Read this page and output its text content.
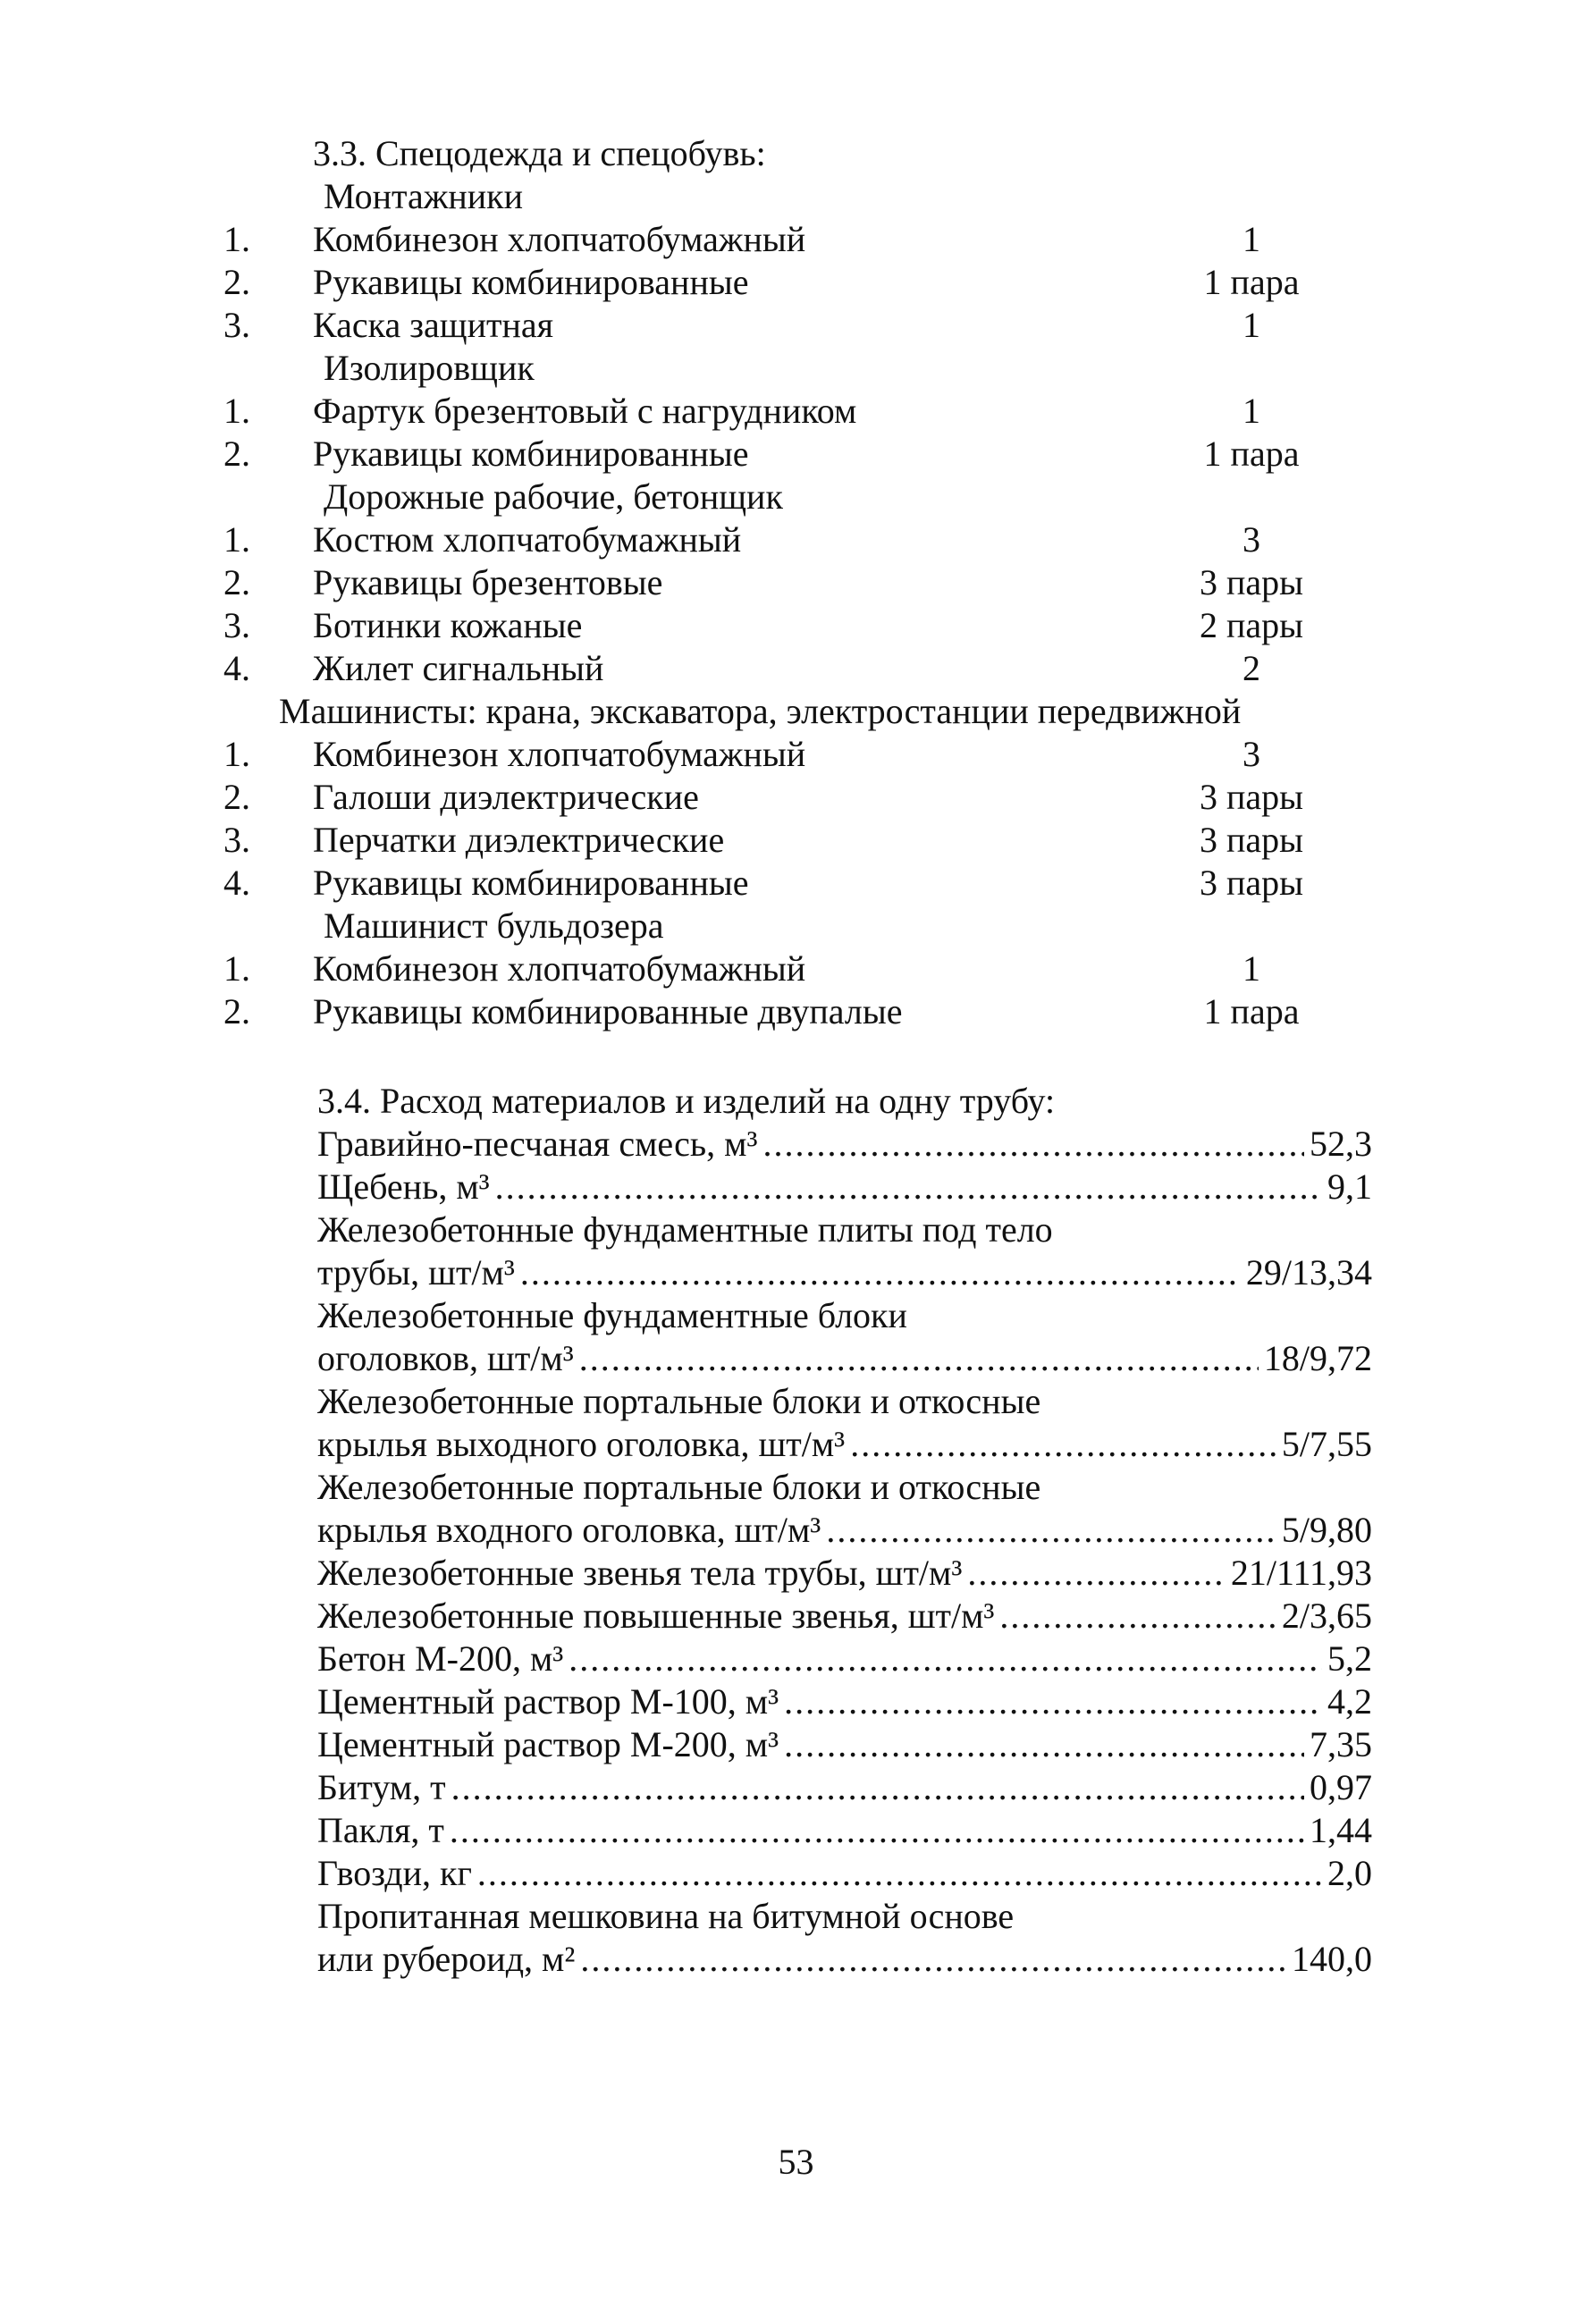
3.3. Спецодежда и спецобувь:
Монтажники
1.	Комбинезон хлопчатобумажный	1
2.	Рукавицы комбинированные	1 пара
3.	Каска защитная	1
Изолировщик
1.	Фартук брезентовый с нагрудником	1
2.	Рукавицы комбинированные	1 пара
Дорожные рабочие, бетонщик
1.	Костюм хлопчатобумажный	3
2.	Рукавицы брезентовые	3 пары
3.	Ботинки кожаные	2 пары
4.	Жилет сигнальный	2
Машинисты: крана, экскаватора, электростанции передвижной
1.	Комбинезон хлопчатобумажный	3
2.	Галоши диэлектрические	3 пары
3.	Перчатки диэлектрические	3 пары
4.	Рукавицы комбинированные	3 пары
Машинист бульдозера
1.	Комбинезон хлопчатобумажный	1
2.	Рукавицы комбинированные двупалые	1 пара
3.4. Расход материалов и изделий на одну трубу:
Гравийно-песчаная смесь, м³ .....	52,3
Щебень, м³ .....	9,1
Железобетонные фундаментные плиты под тело
трубы, шт/м³ .....	29/13,34
Железобетонные фундаментные блоки
оголовков, шт/м³ .....	18/9,72
Железобетонные портальные блоки и откосные
крылья выходного оголовка, шт/м³ .....	5/7,55
Железобетонные портальные блоки и откосные
крылья входного оголовка, шт/м³ .....	5/9,80
Железобетонные звенья тела трубы, шт/м³ .....	21/111,93
Железобетонные повышенные звенья, шт/м³ .....	2/3,65
Бетон М-200, м³ .....	5,2
Цементный раствор М-100, м³ .....	4,2
Цементный раствор М-200, м³ .....	7,35
Битум, т .....	0,97
Пакля, т .....	1,44
Гвозди, кг .....	2,0
Пропитанная мешковина на битумной основе
или рубероид, м² .....	140,0
53
